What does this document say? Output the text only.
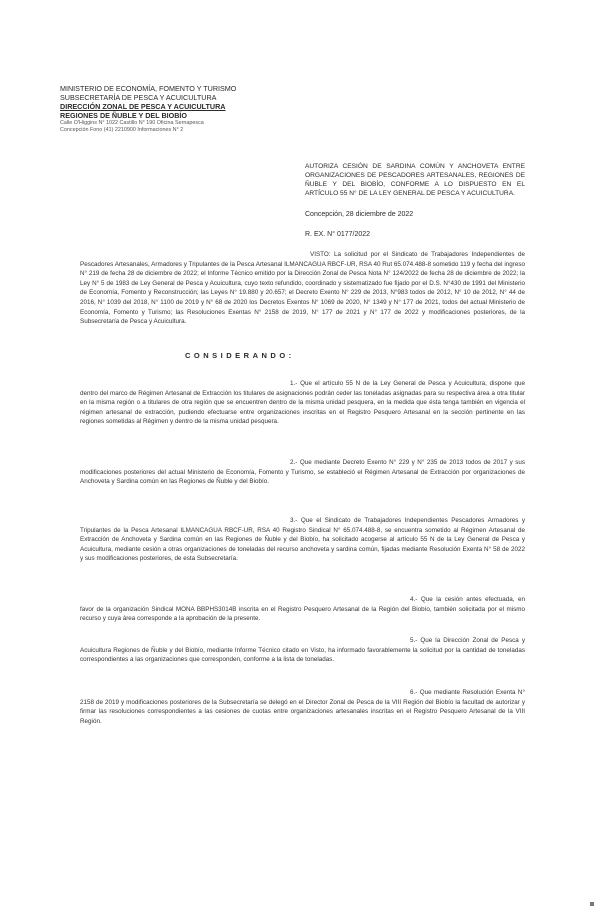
MINISTERIO DE ECONOMÍA, FOMENTO Y TURISMO
SUBSECRETARÍA DE PESCA Y ACUICULTURA
DIRECCIÓN ZONAL DE PESCA Y ACUICULTURA
REGIONES DE ÑUBLE Y DEL BIOBÍO
Calle O'Higgins N° 1022 Castillo N° 190 Oficina Sernapesca
Concepción Fono (41) 2210900 Informaciones N° 2
AUTORIZA CESIÓN DE SARDINA COMÚN Y ANCHOVETA ENTRE ORGANIZACIONES DE PESCADORES ARTESANALES, REGIONES DE ÑUBLE Y DEL BIOBÍO, CONFORME A LO DISPUESTO EN EL ARTÍCULO 55 N° DE LA LEY GENERAL DE PESCA Y ACUICULTURA.
Concepción, 28 diciembre de 2022
R. EX. N° 0177/2022
VISTO: La solicitud por el Sindicato de Trabajadores Independientes de Pescadores Artesanales, Armadores y Tripulantes de la Pesca Artesanal ILMANCAGUA RBCF-UR, RSA 40 Rut 65.074.488-8 sometido 119 y fecha del ingreso N° 219 de fecha 28 de diciembre de 2022; el Informe Técnico emitido por la Dirección Zonal de Pesca Nota N° 124/2022 de fecha 28 de diciembre de 2022; la Ley N° 5 de 1983 de Ley General de Pesca y Acuicultura, cuyo texto refundido, coordinado y sistematizado fue fijado por el D.S. N°430 de 1991 del Ministerio de Economía, Fomento y Reconstrucción; las Leyes N° 19.880 y 20.657; el Decreto Exento N° 229 de 2013, N°983 todos de 2012, N° 10 de 2012, N° 44 de 2016, N° 1039 del 2018, N° 1100 de 2019 y N° 68 de 2020 los Decretos Exentos N° 1069 de 2020, N° 1349 y N° 177 de 2021, todos del actual Ministerio de Economía, Fomento y Turismo; las Resoluciones Exentas N° 2158 de 2019, N° 177 de 2021 y N° 177 de 2022 y modificaciones posteriores, de la Subsecretaría de Pesca y Acuicultura.
CONSIDERANDO:
1.- Que el artículo 55 N de la Ley General de Pesca y Acuicultura, dispone que dentro del marco de Régimen Artesanal de Extracción los titulares de asignaciones podrán ceder las toneladas asignadas para su respectiva área a otra titular en la misma región o a titulares de otra región que se encuentren dentro de la misma unidad pesquera, en la medida que ésta tenga también en vigencia el régimen artesanal de extracción, pudiendo efectuarse entre organizaciones inscritas en el Registro Pesquero Artesanal en la sección pertinente en las regiones sometidas al Régimen y dentro de la misma unidad pesquera.
2.- Que mediante Decreto Exento N° 229 y N° 235 de 2013 todos de 2017 y sus modificaciones posteriores del actual Ministerio de Economía, Fomento y Turismo, se estableció el Régimen Artesanal de Extracción por organizaciones de Anchoveta y Sardina común en las Regiones de Ñuble y del Biobío.
3.- Que el Sindicato de Trabajadores Independientes Pescadores Armadores y Tripulantes de la Pesca Artesanal ILMANCAGUA RBCF-UR, RSA 40 Registro Sindical N° 65.074.488-8, se encuentra sometido al Régimen Artesanal de Extracción de Anchoveta y Sardina común en las Regiones de Ñuble y del Biobío, ha solicitado acogerse al artículo 55 N de la Ley General de Pesca y Acuicultura, mediante cesión a otras organizaciones de toneladas del recurso anchoveta y sardina común, fijadas mediante Resolución Exenta N° 58 de 2022 y sus modificaciones posteriores, de esta Subsecretaría.
4.- Que la cesión antes efectuada, en favor de la organización Sindical MONA BBPHS3014B inscrita en el Registro Pesquero Artesanal de la Región del Biobío, también solicitada por el mismo recurso y cuya área corresponde a la aprobación de la presente.
5.- Que la Dirección Zonal de Pesca y Acuicultura Regiones de Ñuble y del Biobío, mediante Informe Técnico citado en Visto, ha informado favorablemente la solicitud por la cantidad de toneladas correspondientes a las organizaciones que corresponden, conforme a la lista de toneladas.
6.- Que mediante Resolución Exenta N° 2158 de 2019 y modificaciones posteriores de la Subsecretaría se delegó en el Director Zonal de Pesca de la VIII Región del Biobío la facultad de autorizar y firmar las resoluciones correspondientes a las cesiones de cuotas entre organizaciones artesanales inscritas en el Registro Pesquero Artesanal de la VIII Región.
